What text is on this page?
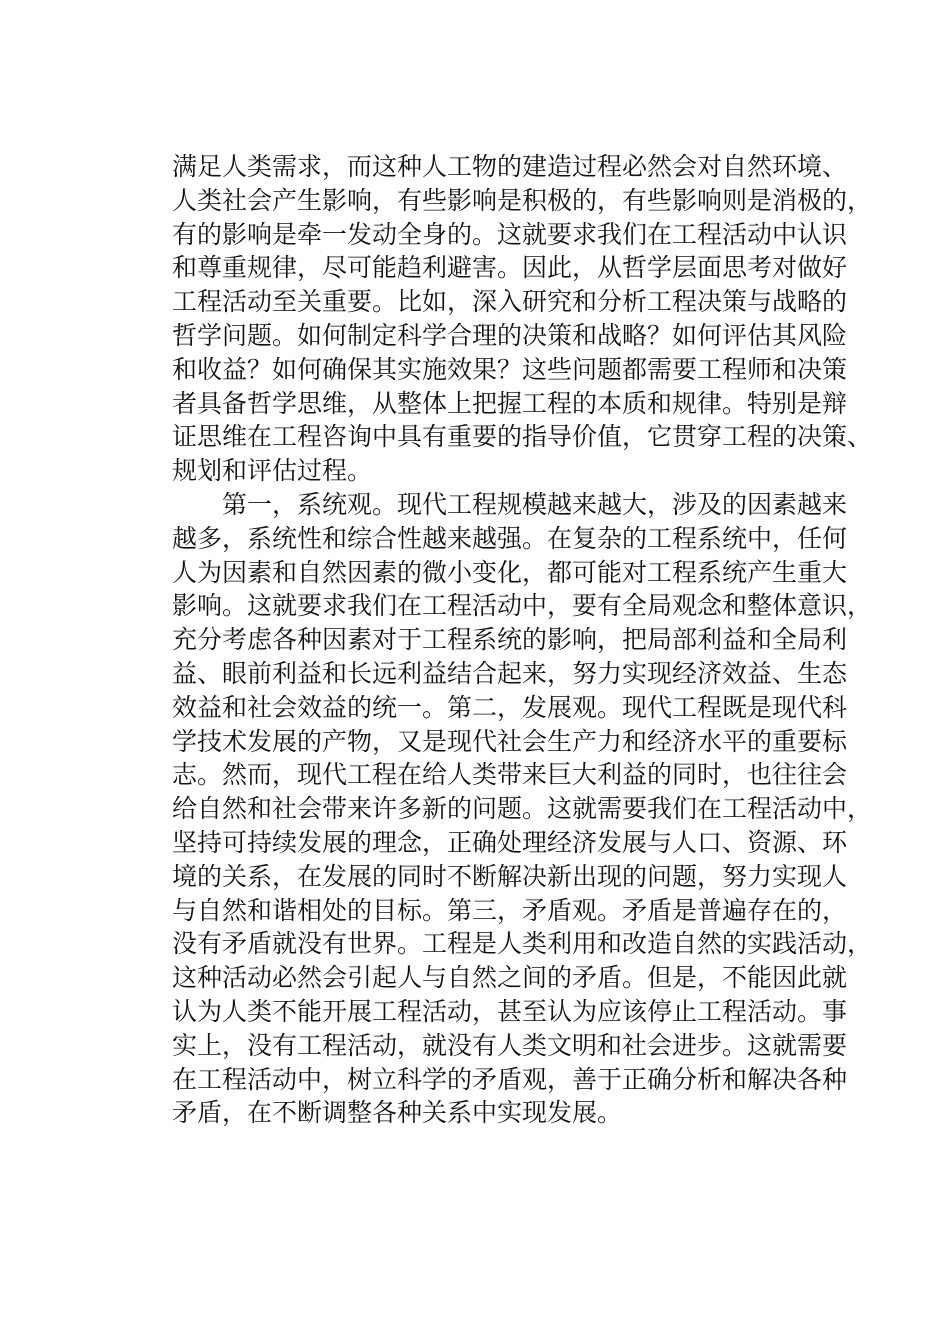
满足人类需求，而这种人工物的建造过程必然会对自然环境、
人类社会产生影响，有些影响是积极的，有些影响则是消极的，
有的影响是牵一发动全身的。这就要求我们在工程活动中认识
和尊重规律，尽可能趋利避害。因此，从哲学层面思考对做好
工程活动至关重要。比如，深入研究和分析工程决策与战略的
哲学问题。如何制定科学合理的决策和战略？如何评估其风险
和收益？如何确保其实施效果？这些问题都需要工程师和决策
者具备哲学思维，从整体上把握工程的本质和规律。特别是辩
证思维在工程咨询中具有重要的指导价值，它贯穿工程的决策、
规划和评估过程。
　　第一，系统观。现代工程规模越来越大，涉及的因素越来
越多，系统性和综合性越来越强。在复杂的工程系统中，任何
人为因素和自然因素的微小变化，都可能对工程系统产生重大
影响。这就要求我们在工程活动中，要有全局观念和整体意识，
充分考虑各种因素对于工程系统的影响，把局部利益和全局利
益、眼前利益和长远利益结合起来，努力实现经济效益、生态
效益和社会效益的统一。第二，发展观。现代工程既是现代科
学技术发展的产物，又是现代社会生产力和经济水平的重要标
志。然而，现代工程在给人类带来巨大利益的同时，也往往会
给自然和社会带来许多新的问题。这就需要我们在工程活动中，
坚持可持续发展的理念，正确处理经济发展与人口、资源、环
境的关系，在发展的同时不断解决新出现的问题，努力实现人
与自然和谐相处的目标。第三，矛盾观。矛盾是普遍存在的，
没有矛盾就没有世界。工程是人类利用和改造自然的实践活动，
这种活动必然会引起人与自然之间的矛盾。但是，不能因此就
认为人类不能开展工程活动，甚至认为应该停止工程活动。事
实上，没有工程活动，就没有人类文明和社会进步。这就需要
在工程活动中，树立科学的矛盾观，善于正确分析和解决各种
矛盾，在不断调整各种关系中实现发展。
